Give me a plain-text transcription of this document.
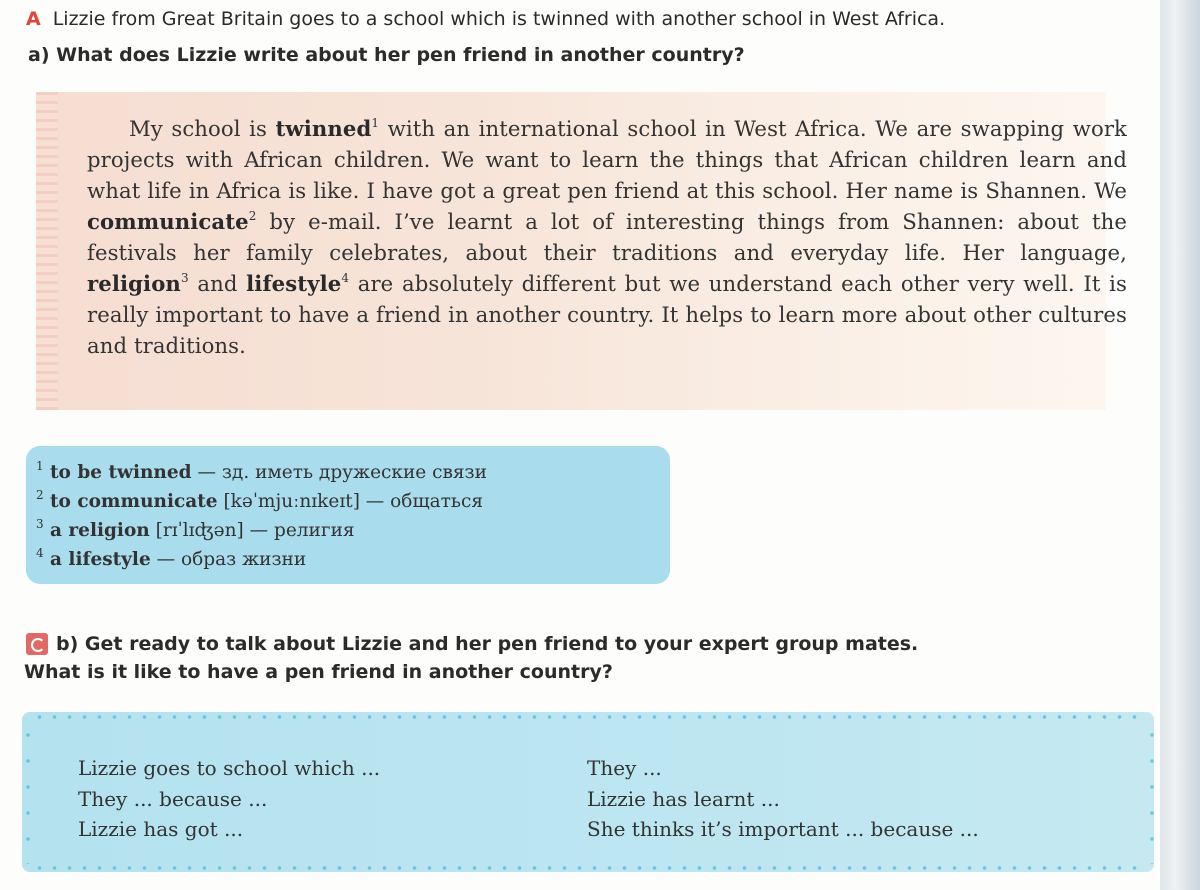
A Lizzie from Great Britain goes to a school which is twinned with another school in West Africa.
a) What does Lizzie write about her pen friend in another country?

My school is twinned$^1$ with an international school in West Africa. We are swapping work projects with African children. We want to learn the things that African children learn and what life in Africa is like. I have got a great pen friend at this school. Her name is Shannen. We communicate$^2$ by e-mail. I’ve learnt a lot of interesting things from Shannen: about the festivals her family celebrates, about their traditions and everyday life. Her language, religion$^3$ and lifestyle$^4$ are absolutely different but we understand each other very well. It is really important to have a friend in another country. It helps to learn more about other cultures and traditions.

1 to be twinned — зд. иметь дружеские связи
2 to communicate [kəˈmjuːnɪkeɪt] — общаться
3 a religion [rɪˈlɪʤən] — религия
4 a lifestyle — образ жизни
b) Get ready to talk about Lizzie and her pen friend to your expert group mates.
What is it like to have a pen friend in another country?
Lizzie goes to school which ...
They ... because ...
Lizzie has got ...
They ...
Lizzie has learnt ...
She thinks it’s important ... because ...
